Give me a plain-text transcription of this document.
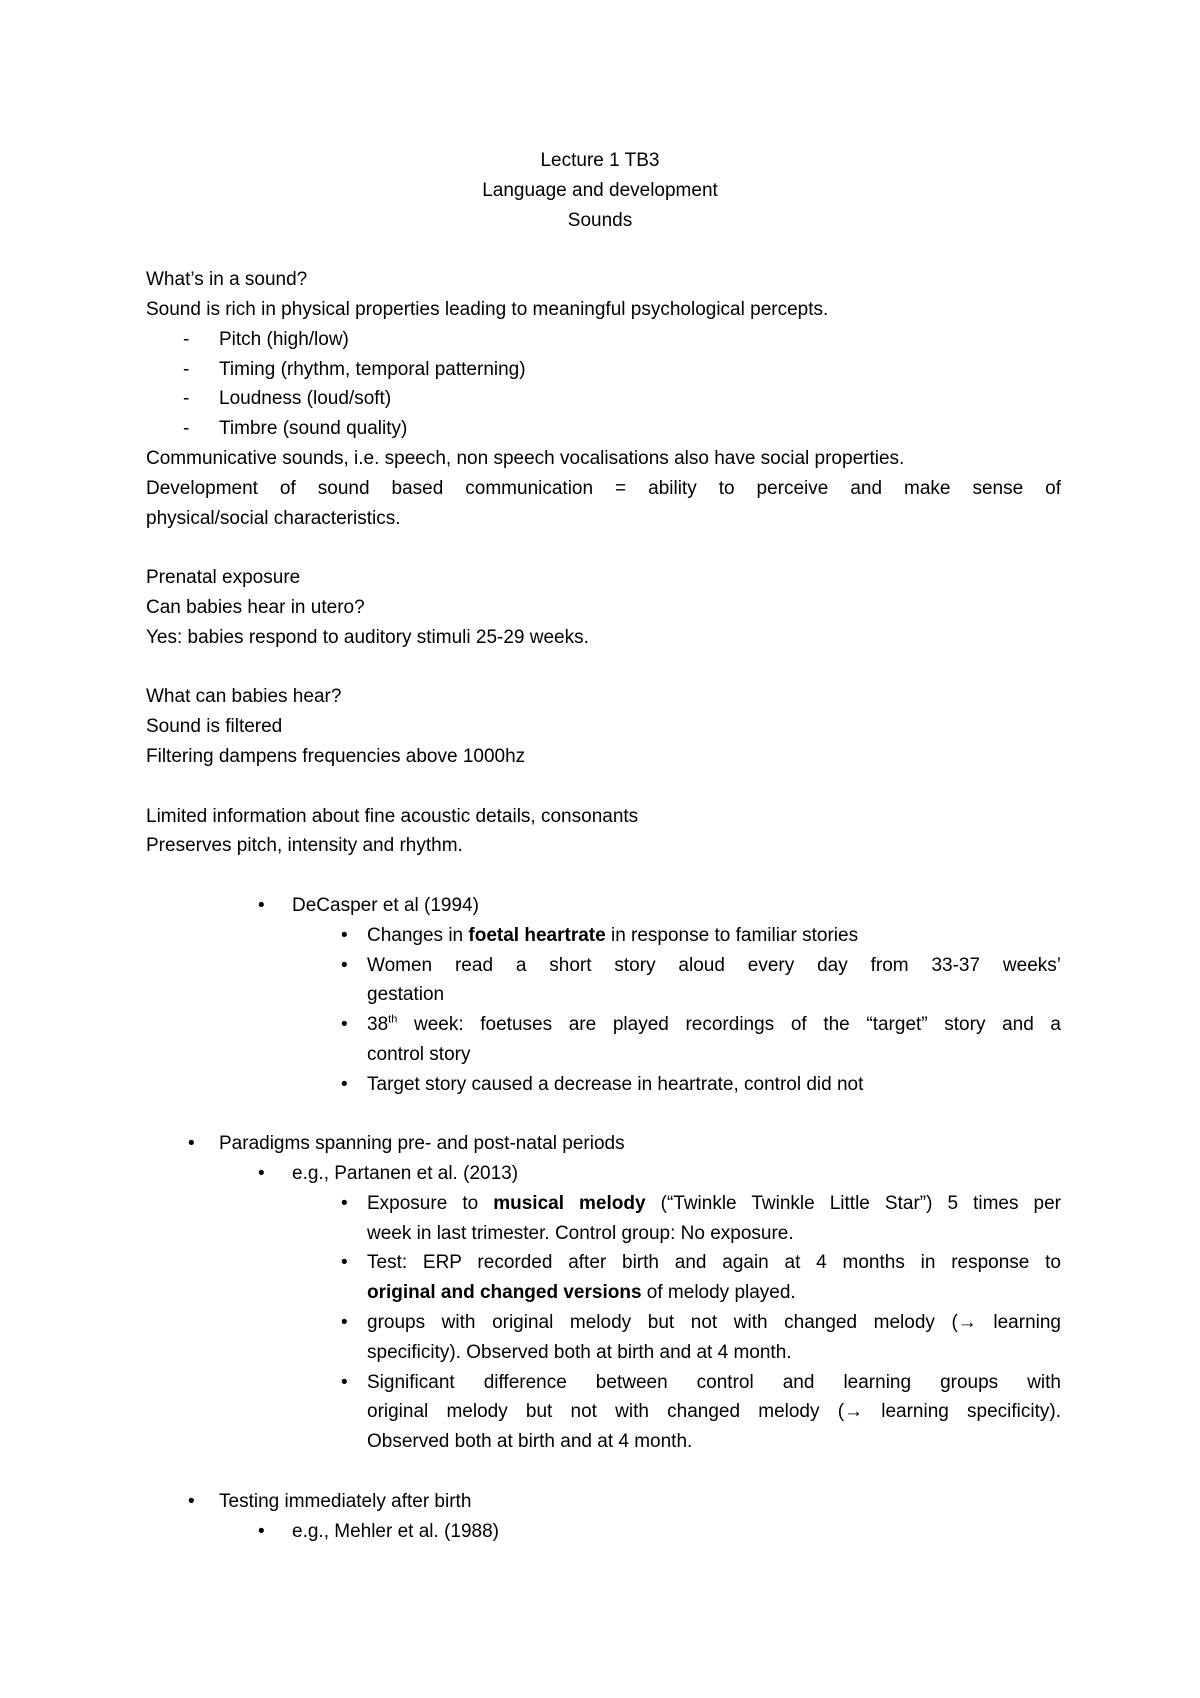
Lecture 1 TB3
Language and development
Sounds
What’s in a sound?
Sound is rich in physical properties leading to meaningful psychological percepts.
- Pitch (high/low)
- Timing (rhythm, temporal patterning)
- Loudness (loud/soft)
- Timbre (sound quality)
Communicative sounds, i.e. speech, non speech vocalisations also have social properties.
Development of sound based communication = ability to perceive and make sense of
physical/social characteristics.
Prenatal exposure
Can babies hear in utero?
Yes: babies respond to auditory stimuli 25-29 weeks.
What can babies hear?
Sound is filtered
Filtering dampens frequencies above 1000hz
Limited information about fine acoustic details, consonants
Preserves pitch, intensity and rhythm.
• DeCasper et al (1994)
• Changes in foetal heartrate in response to familiar stories
• Women read a short story aloud every day from 33-37 weeks’
gestation
• 38th week: foetuses are played recordings of the “target” story and a
control story
• Target story caused a decrease in heartrate, control did not
• Paradigms spanning pre- and post-natal periods
• e.g., Partanen et al. (2013)
• Exposure to musical melody (“Twinkle Twinkle Little Star”) 5 times per
week in last trimester. Control group: No exposure.
• Test: ERP recorded after birth and again at 4 months in response to
original and changed versions of melody played.
• groups with original melody but not with changed melody (→ learning
specificity). Observed both at birth and at 4 month.
• Significant difference between control and learning groups with
original melody but not with changed melody (→ learning specificity).
Observed both at birth and at 4 month.
• Testing immediately after birth
• e.g., Mehler et al. (1988)
